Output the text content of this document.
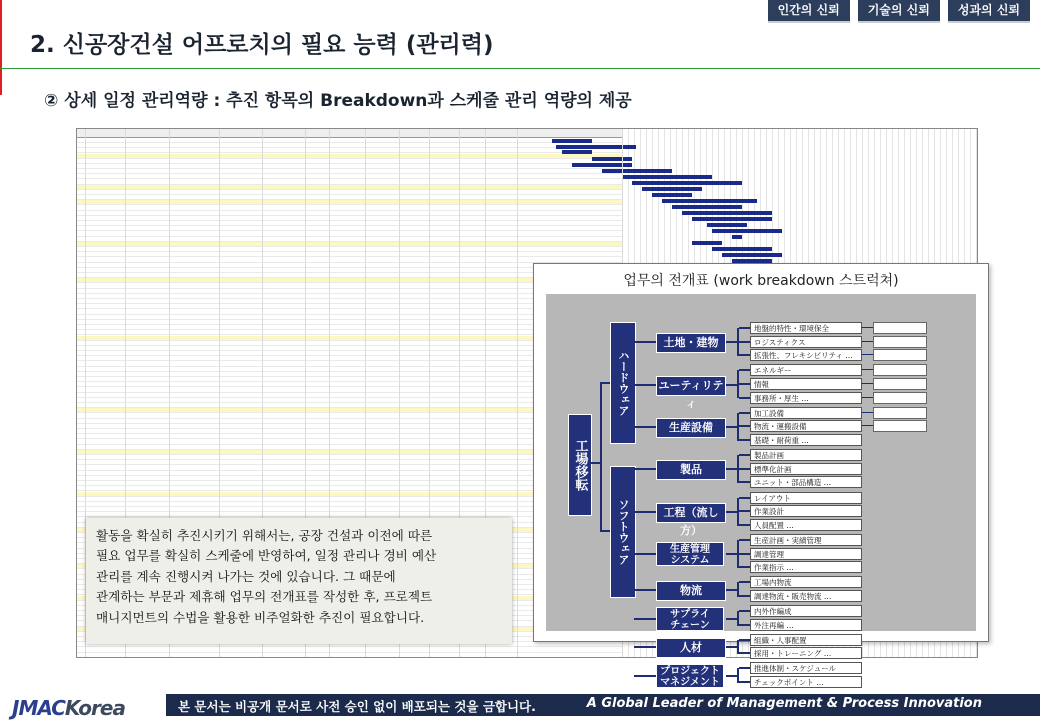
인간의 신뢰	기술의 신뢰	성과의 신뢰
2. 신공장건설 어프로치의 필요 능력 (관리력)
② 상세 일정 관리역량 : 추진 항목의 Breakdown과 스케줄 관리 역량의 제공
업무의 전개표 (work breakdown 스트럭쳐)
工場移転
ハードウェア
ソフトウェア
土地・建物
地盤的特性・環境保全
ロジスティクス
拡張性、フレキシビリティ …
ユーティリティ
エネルギー
情報
事務所・厚生 …
生産設備
加工設備
物流・運搬設備
基礎・耐荷重 …
製品
製品計画
標準化計画
ユニット・部品構造 …
工程（流し方）
レイアウト
作業設計
人員配置 …
生産管理
システム
生産計画・実績管理
調達管理
作業指示 …
物流
工場内物流
調達物流・販売物流 …
サプライ
チェーン
内外作編成
外注再編 …
人材
組織・人事配置
採用・トレーニング …
プロジェクト
マネジメント
推進体制・スケジュール
チェックポイント …

활동을 확실히 추진시키기 위해서는, 공장 건설과 이전에 따른

필요 업무를 확실히 스케줄에 반영하여, 일정 관리나 경비 예산

관리를 계속 진행시켜 나가는 것에 있습니다. 그 때문에

관계하는 부문과 제휴해 업무의 전개표를 작성한 후, 프로젝트

매니지먼트의 수법을 활용한 비주얼화한 추진이 필요합니다.

JMACKorea	본 문서는 비공개 문서로 사전 승인 없이 배포되는 것을 금합니다.	A Global Leader of Management & Process Innovation
